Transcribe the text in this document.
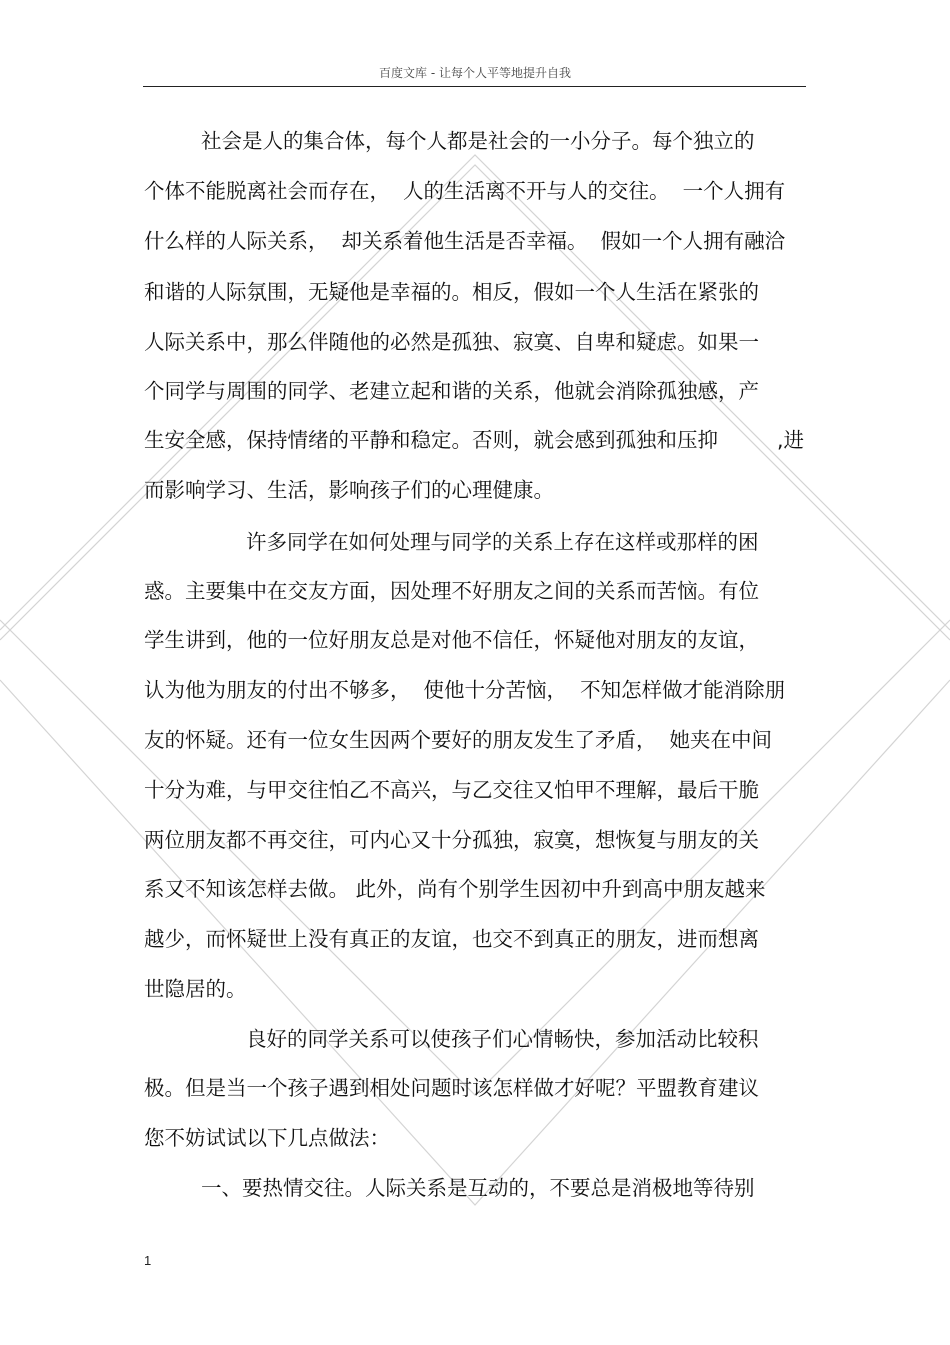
百度文库 - 让每个人平等地提升自我
社会是人的集合体，每个人都是社会的一小分子。每个独立的
个体不能脱离社会而存在，  人的生活离不开与人的交往。  一个人拥有
什么样的人际关系，  却关系着他生活是否幸福。  假如一个人拥有融洽
和谐的人际氛围，无疑他是幸福的。相反，假如一个人生活在紧张的
人际关系中，那么伴随他的必然是孤独、寂寞、自卑和疑虑。如果一
个同学与周围的同学、老建立起和谐的关系，他就会消除孤独感，产

生安全感，保持情绪的平静和稳定。否则，就会感到孤独和压抑

	,进

而影响学习、生活，影响孩子们的心理健康。
许多同学在如何处理与同学的关系上存在这样或那样的困
惑。主要集中在交友方面，因处理不好朋友之间的关系而苦恼。有位
学生讲到，他的一位好朋友总是对他不信任，怀疑他对朋友的友谊，
认为他为朋友的付出不够多，  使他十分苦恼，  不知怎样做才能消除朋
友的怀疑。还有一位女生因两个要好的朋友发生了矛盾，  她夹在中间
十分为难，与甲交往怕乙不高兴，与乙交往又怕甲不理解，最后干脆
两位朋友都不再交往，可内心又十分孤独，寂寞，想恢复与朋友的关
系又不知该怎样去做。 此外，尚有个别学生因初中升到高中朋友越来
越少，而怀疑世上没有真正的友谊，也交不到真正的朋友，进而想离
世隐居的。
良好的同学关系可以使孩子们心情畅快，参加活动比较积
极。但是当一个孩子遇到相处问题时该怎样做才好呢？平盟教育建议
您不妨试试以下几点做法：
一、要热情交往。人际关系是互动的，不要总是消极地等待别
1
